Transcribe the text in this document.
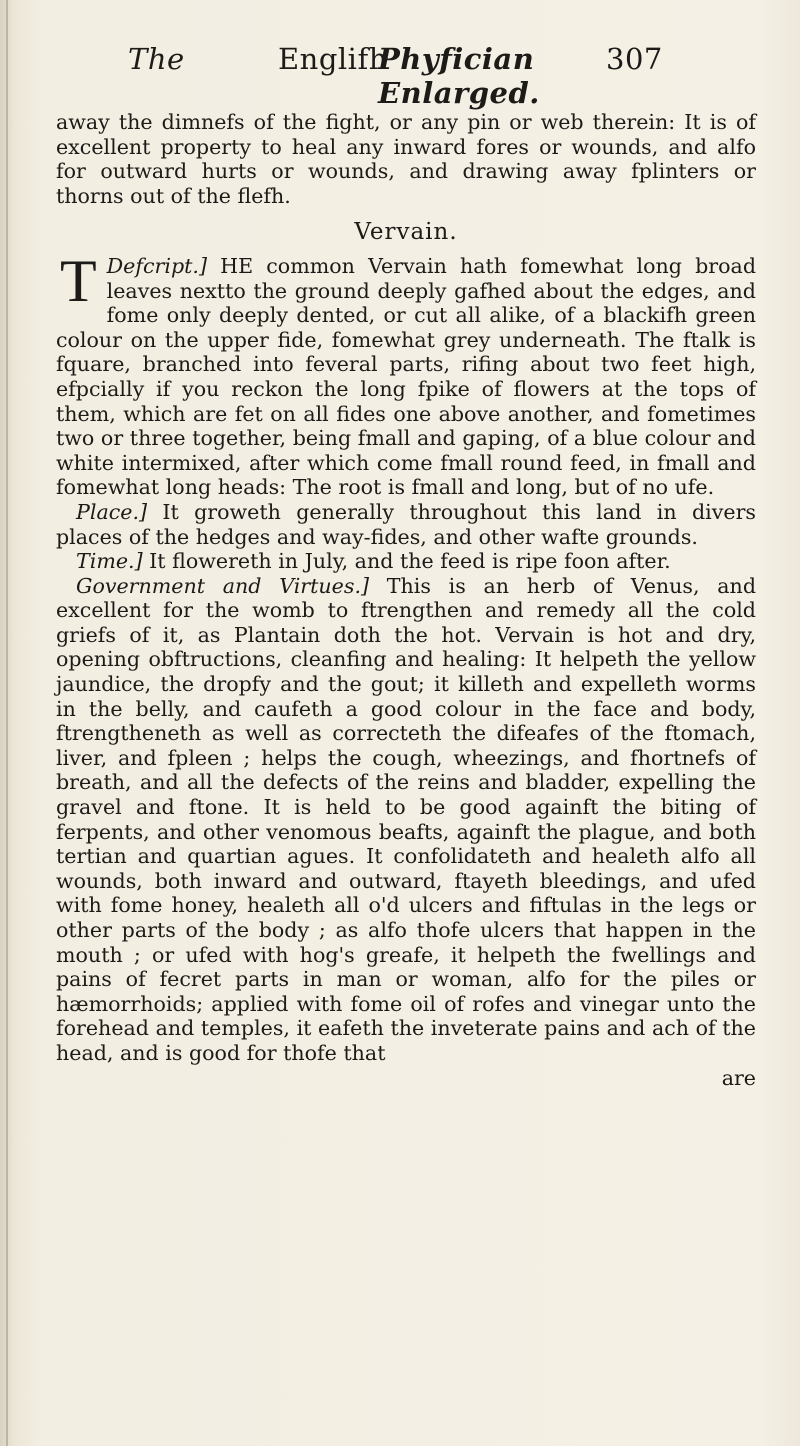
The	Englifh
Phyfician Enlarged.
307

away the dimnefs of the fight, or any pin or web therein: It is of excellent property to heal any inward fores or wounds, and alfo for outward hurts or wounds, and drawing away fplinters or thorns out of the flefh.

Vervain.

Defcript.]
T	HE common Vervain hath fomewhat long broad leaves nextto the ground deeply gafhed about the edges, and fome only deeply dented, or cut all alike, of a blackifh green colour on the upper fide, fomewhat grey underneath. The ftalk is fquare, branched into feveral parts, rifing about two feet high, efpcially if you reckon the long fpike of flowers at the tops of them, which are fet on all fides one above another, and fometimes two or three together, being fmall and gaping, of a blue colour and white intermixed, after which come fmall round feed, in fmall and fomewhat long heads: The root is fmall and long, but of no ufe.

Place.] It groweth generally throughout this land in divers places of the hedges and way-fides, and other wafte grounds.

Time.] It flowereth in July, and the feed is ripe foon after.

Government and Virtues.] This is an herb of Venus, and excellent for the womb to ftrengthen and remedy all the cold griefs of it, as Plantain doth the hot. Vervain is hot and dry, opening obftructions, cleanfing and healing: It helpeth the yellow jaundice, the dropfy and the gout; it killeth and expelleth worms in the belly, and caufeth a good colour in the face and body, ftrengtheneth as well as correcteth the difeafes of the ftomach, liver, and fpleen ; helps the cough, wheezings, and fhortnefs of breath, and all the defects of the reins and bladder, expelling the gravel and ftone. It is held to be good againft the biting of ferpents, and other venomous beafts, againft the plague, and both tertian and quartian agues. It confolidateth and healeth alfo all wounds, both inward and outward, ftayeth bleedings, and ufed with fome honey, healeth all o'd ulcers and fiftulas in the legs or other parts of the body ; as alfo thofe ulcers that happen in the mouth ; or ufed with hog's greafe, it helpeth the fwellings and pains of fecret parts in man or woman, alfo for the piles or hæmorrhoids; applied with fome oil of rofes and vinegar unto the forehead and temples, it eafeth the inveterate pains and ach of the head, and is good for thofe that

are
